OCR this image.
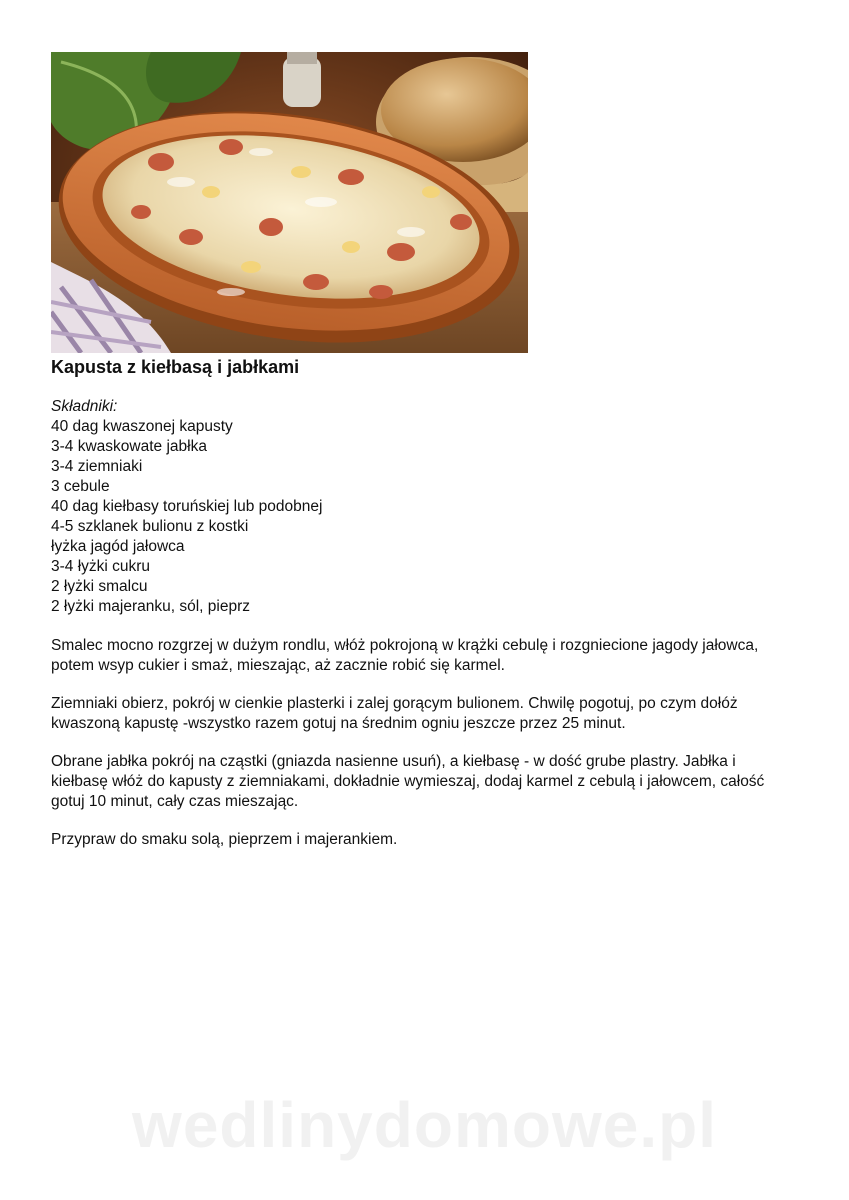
Kapusta z kiełbasą i jabłkami
Składniki:
40 dag kwaszonej kapusty
3-4 kwaskowate jabłka
3-4 ziemniaki
3 cebule
40 dag kiełbasy toruńskiej lub podobnej
4-5 szklanek bulionu z kostki
łyżka jagód jałowca
3-4 łyżki cukru
2 łyżki smalcu
2 łyżki majeranku, sól, pieprz

Smalec mocno rozgrzej w dużym rondlu, włóż pokrojoną w krążki cebulę i rozgniecione jagody jałowca, potem wsyp cukier i smaż, mieszając, aż zacznie robić się karmel.

Ziemniaki obierz, pokrój w cienkie plasterki i zalej gorącym bulionem. Chwilę pogotuj, po czym dołóż kwaszoną kapustę -wszystko razem gotuj na średnim ogniu jeszcze przez 25 minut.

Obrane jabłka pokrój na cząstki (gniazda nasienne usuń), a kiełbasę - w dość grube plastry. Jabłka i kiełbasę włóż do kapusty z ziemniakami, dokładnie wymieszaj, dodaj karmel z cebulą i jałowcem, całość gotuj 10 minut, cały czas mieszając.

Przypraw do smaku solą, pieprzem i majerankiem.

wedlinydomowe.pl
